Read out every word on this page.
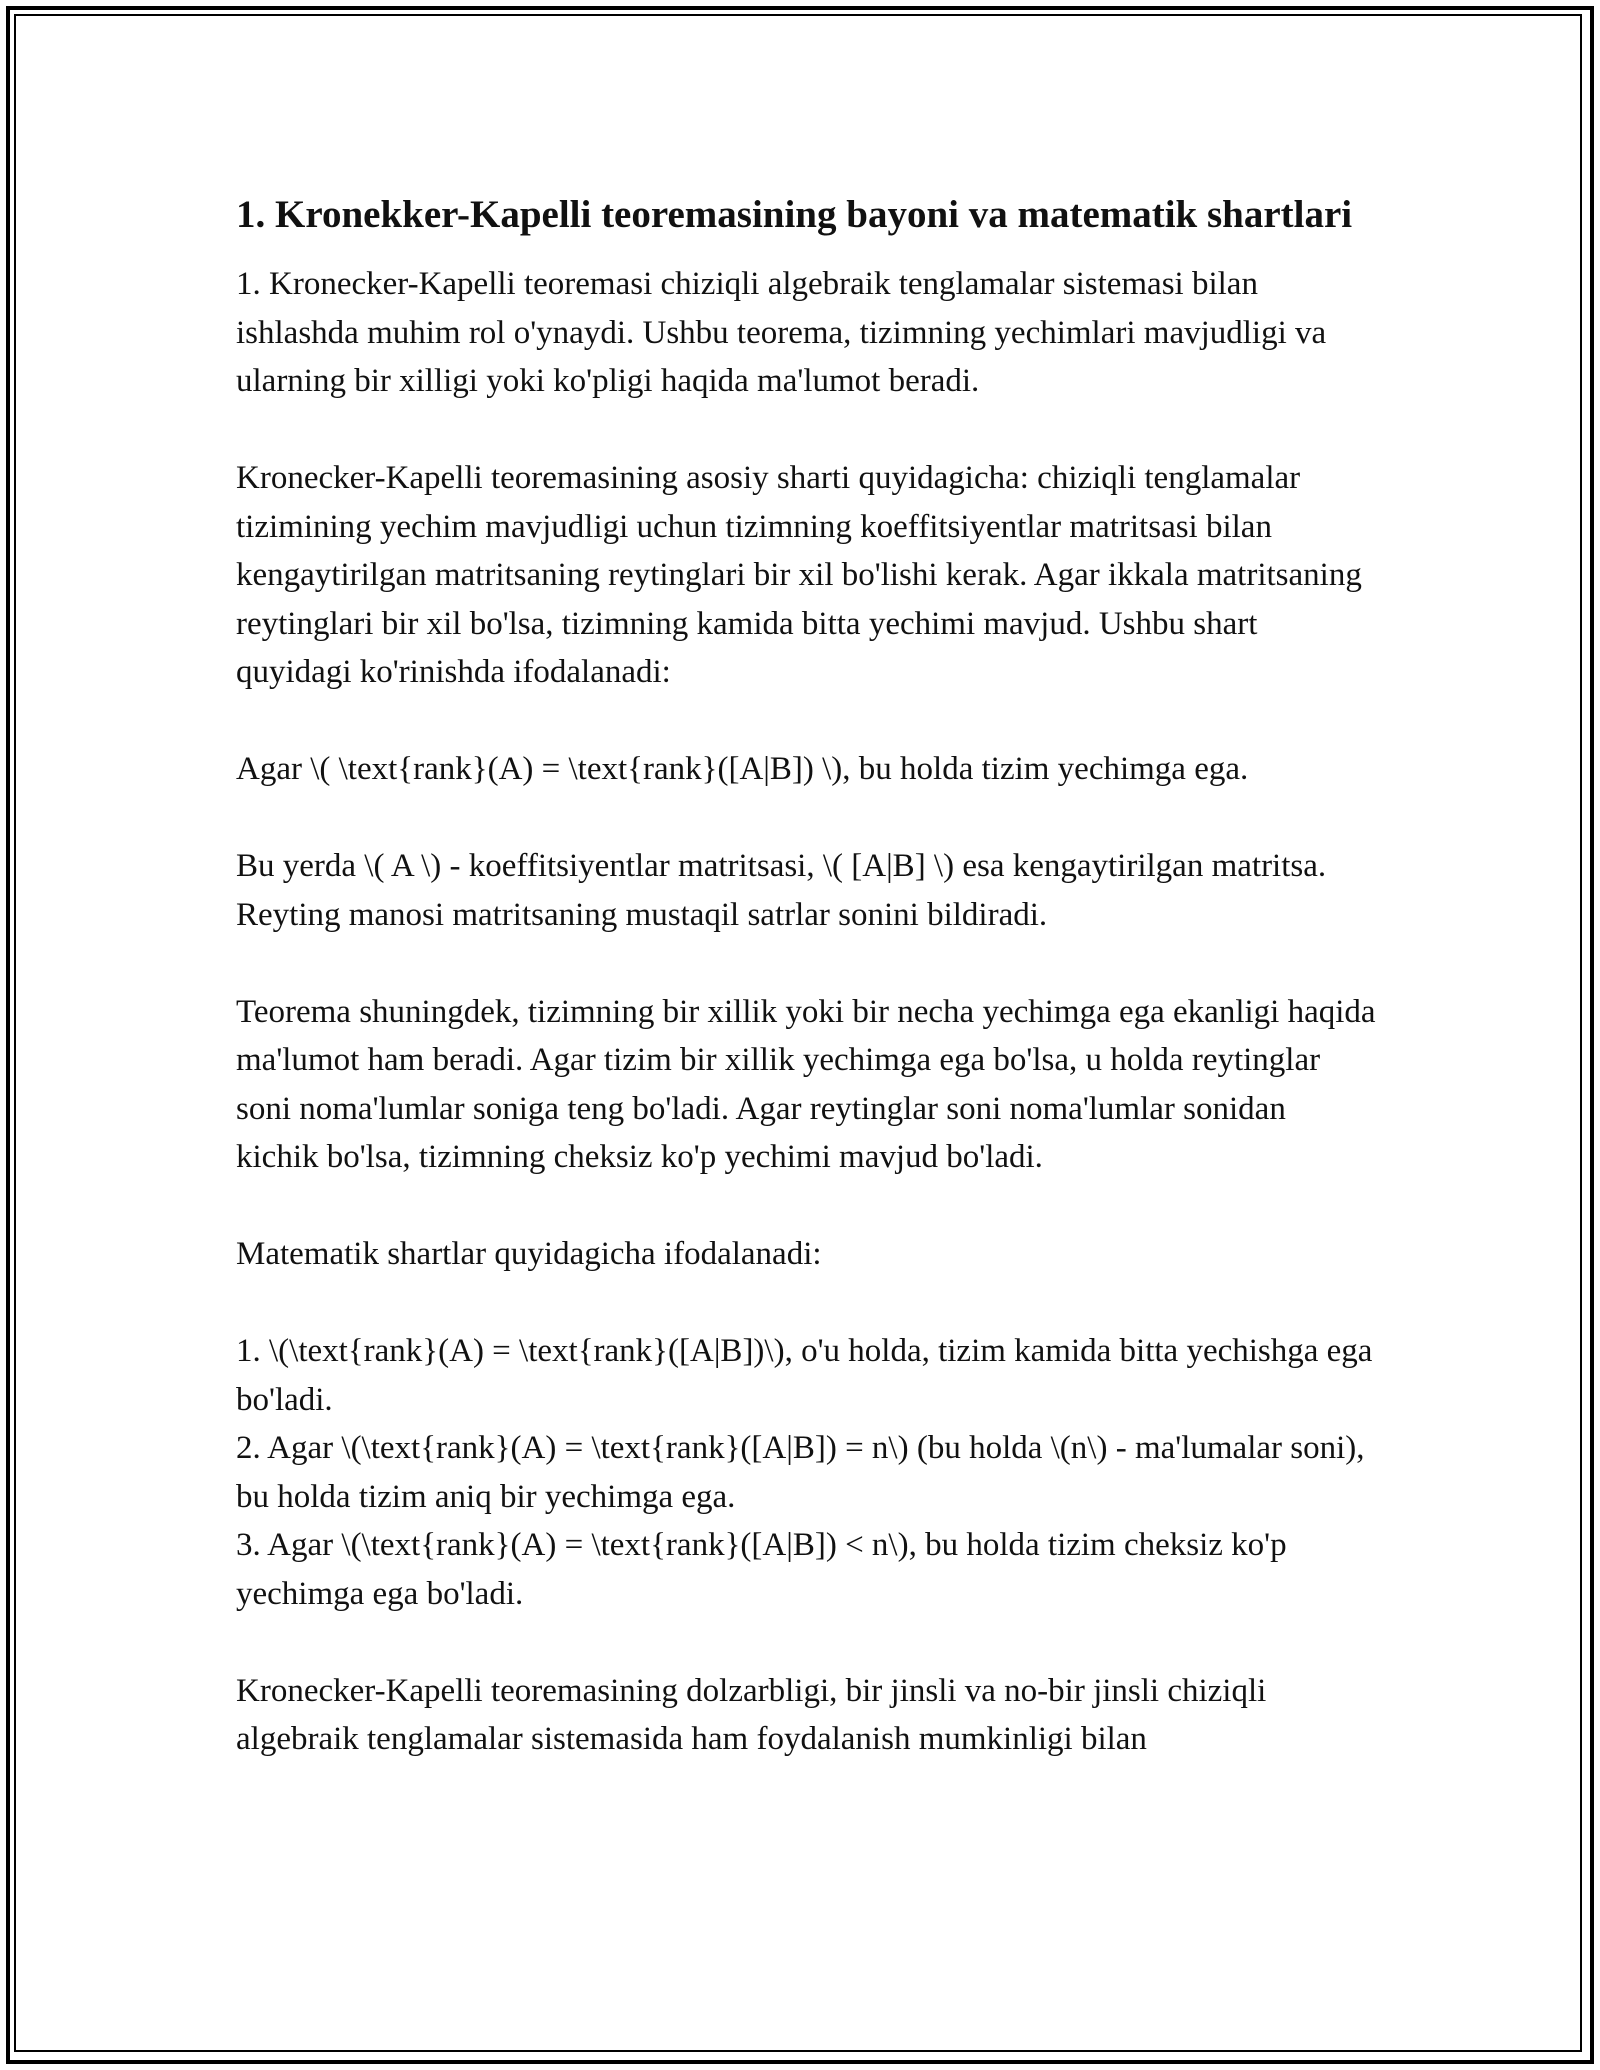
1. Kronekker-Kapelli teoremasining bayoni va matematik shartlari

1. Kronecker-Kapelli teoremasi chiziqli algebraik tenglamalar sistemasi bilan ishlashda muhim rol o'ynaydi. Ushbu teorema, tizimning yechimlari mavjudligi va ularning bir xilligi yoki ko'pligi haqida ma'lumot beradi.

Kronecker-Kapelli teoremasining asosiy sharti quyidagicha: chiziqli tenglamalar tizimining yechim mavjudligi uchun tizimning koeffitsiyentlar matritsasi bilan kengaytirilgan matritsaning reytinglari bir xil bo'lishi kerak. Agar ikkala matritsaning reytinglari bir xil bo'lsa, tizimning kamida bitta yechimi mavjud. Ushbu shart quyidagi ko'rinishda ifodalanadi:

Agar \( \text{rank}(A) = \text{rank}([A|B]) \), bu holda tizim yechimga ega.

Bu yerda \( A \) - koeffitsiyentlar matritsasi, \( [A|B] \) esa kengaytirilgan matritsa. Reyting manosi matritsaning mustaqil satrlar sonini bildiradi.

Teorema shuningdek, tizimning bir xillik yoki bir necha yechimga ega ekanligi haqida ma'lumot ham beradi. Agar tizim bir xillik yechimga ega bo'lsa, u holda reytinglar soni noma'lumlar soniga teng bo'ladi. Agar reytinglar soni noma'lumlar sonidan kichik bo'lsa, tizimning cheksiz ko'p yechimi mavjud bo'ladi.

Matematik shartlar quyidagicha ifodalanadi:

1. \(\text{rank}(A) = \text{rank}([A|B])\), o'u holda, tizim kamida bitta yechishga ega bo'ladi.

2. Agar \(\text{rank}(A) = \text{rank}([A|B]) = n\) (bu holda \(n\) - ma'lumalar soni), bu holda tizim aniq bir yechimga ega.

3. Agar \(\text{rank}(A) = \text{rank}([A|B]) < n\), bu holda tizim cheksiz ko'p yechimga ega bo'ladi.

Kronecker-Kapelli teoremasining dolzarbligi, bir jinsli va no-bir jinsli chiziqli algebraik tenglamalar sistemasida ham foydalanish mumkinligi bilan
